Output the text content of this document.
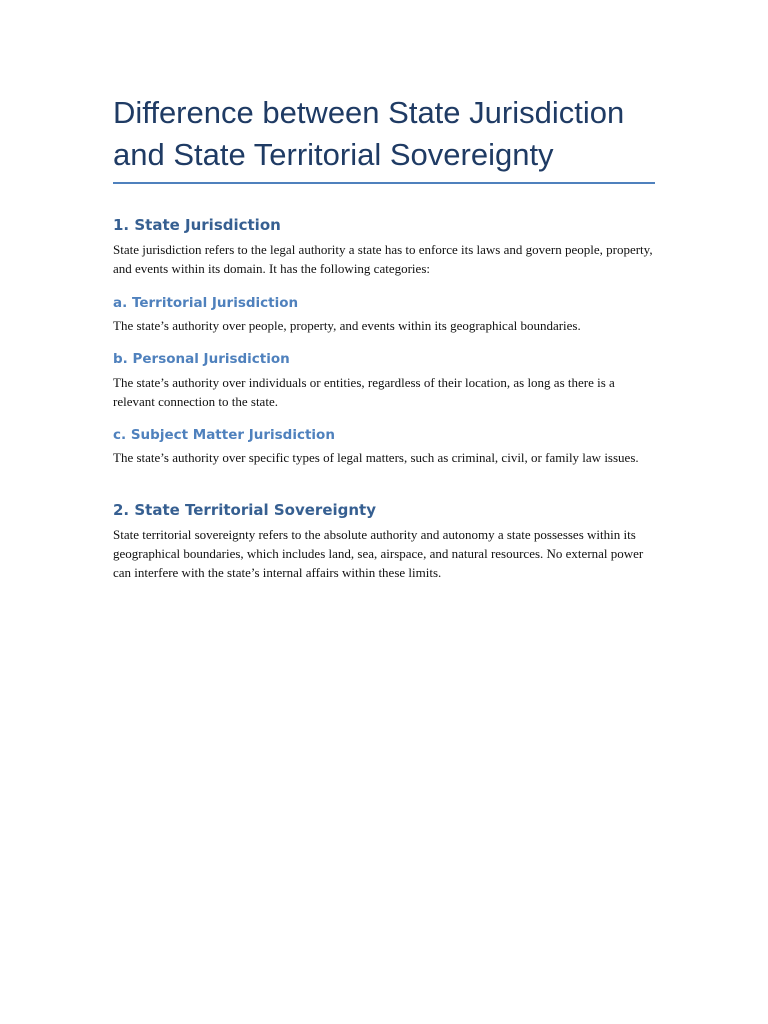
Difference between State Jurisdiction
and State Territorial Sovereignty
1. State Jurisdiction

State jurisdiction refers to the legal authority a state has to enforce its laws and govern people, property, and events within its domain. It has the following categories:

a. Territorial Jurisdiction

The state’s authority over people, property, and events within its geographical boundaries.

b. Personal Jurisdiction

The state’s authority over individuals or entities, regardless of their location, as long as there is a relevant connection to the state.

c. Subject Matter Jurisdiction

The state’s authority over specific types of legal matters, such as criminal, civil, or family law issues.

2. State Territorial Sovereignty

State territorial sovereignty refers to the absolute authority and autonomy a state possesses within its geographical boundaries, which includes land, sea, airspace, and natural resources. No external power can interfere with the state’s internal affairs within these limits.
